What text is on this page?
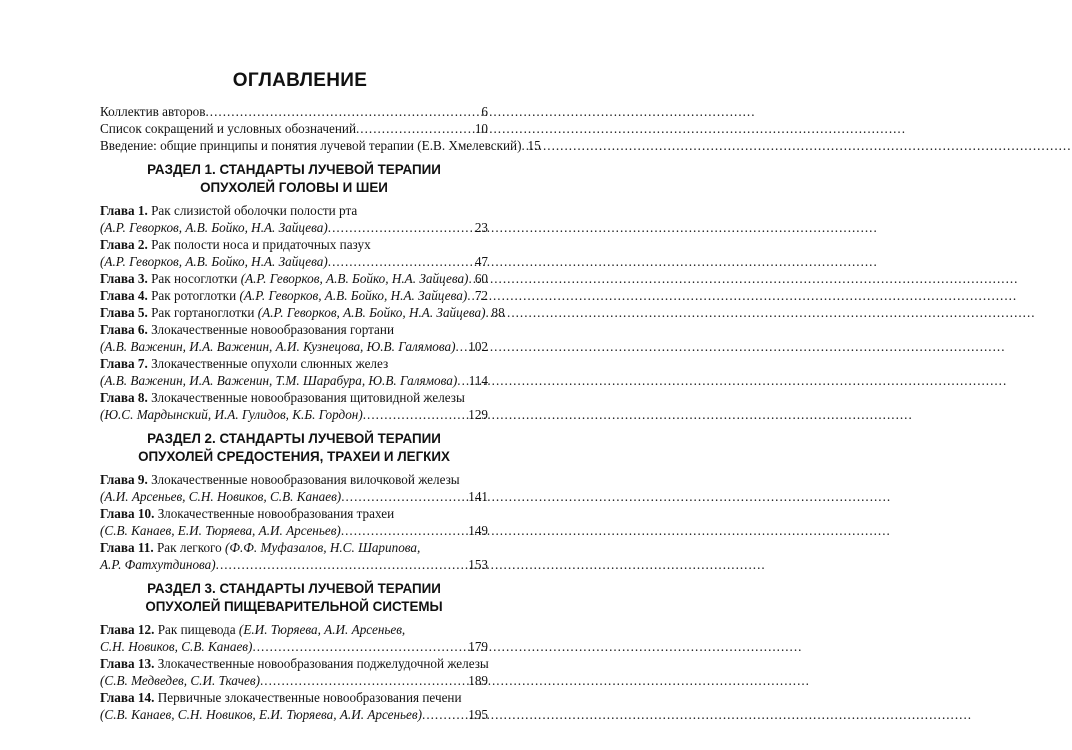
ОГЛАВЛЕНИЕ
Коллектив авторов .....	6
Список сокращений и условных обозначений .....	10
Введение: общие принципы и понятия лучевой терапии (Е.В. Хмелевский) ..... 15
РАЗДЕЛ 1. СТАНДАРТЫ ЛУЧЕВОЙ ТЕРАПИИ
ОПУХОЛЕЙ ГОЛОВЫ И ШЕИ
Глава 1. Рак слизистой оболочки полости рта
(А.Р. Геворков, А.В. Бойко, Н.А. Зайцева) .....	23
Глава 2. Рак полости носа и придаточных пазух
(А.Р. Геворков, А.В. Бойко, Н.А. Зайцева) .....	47
Глава 3. Рак носоглотки (А.Р. Геворков, А.В. Бойко, Н.А. Зайцева) ..... 60
Глава 4. Рак ротоглотки (А.Р. Геворков, А.В. Бойко, Н.А. Зайцева) ..... 72
Глава 5. Рак гортаноглотки (А.Р. Геворков, А.В. Бойко, Н.А. Зайцева) ..... 88
Глава 6. Злокачественные новообразования гортани
(А.В. Важенин, И.А. Важенин, А.И. Кузнецова, Ю.В. Галямова) ..... 102
Глава 7. Злокачественные опухоли слюнных желез
(А.В. Важенин, И.А. Важенин, Т.М. Шарабура, Ю.В. Галямова) ..... 114
Глава 8. Злокачественные новообразования щитовидной железы
(Ю.С. Мардынский, И.А. Гулидов, К.Б. Гордон) .....	129
РАЗДЕЛ 2. СТАНДАРТЫ ЛУЧЕВОЙ ТЕРАПИИ
ОПУХОЛЕЙ СРЕДОСТЕНИЯ, ТРАХЕИ И ЛЕГКИХ
Глава 9. Злокачественные новообразования вилочковой железы
(А.И. Арсеньев, С.Н. Новиков, С.В. Канаев) .....	141
Глава 10. Злокачественные новообразования трахеи
(С.В. Канаев, Е.И. Тюряева, А.И. Арсеньев) .....	149
Глава 11. Рак легкого (Ф.Ф. Муфазалов, Н.С. Шарипова,
А.Р. Фатхутдинова) .....	153
РАЗДЕЛ 3. СТАНДАРТЫ ЛУЧЕВОЙ ТЕРАПИИ
ОПУХОЛЕЙ ПИЩЕВАРИТЕЛЬНОЙ СИСТЕМЫ
Глава 12. Рак пищевода (Е.И. Тюряева, А.И. Арсеньев,
С.Н. Новиков, С.В. Канаев) .....	179
Глава 13. Злокачественные новообразования поджелудочной железы
(С.В. Медведев, С.И. Ткачев) .....	189
Глава 14. Первичные злокачественные новообразования печени
(С.В. Канаев, С.Н. Новиков, Е.И. Тюряева, А.И. Арсеньев) .....	195
